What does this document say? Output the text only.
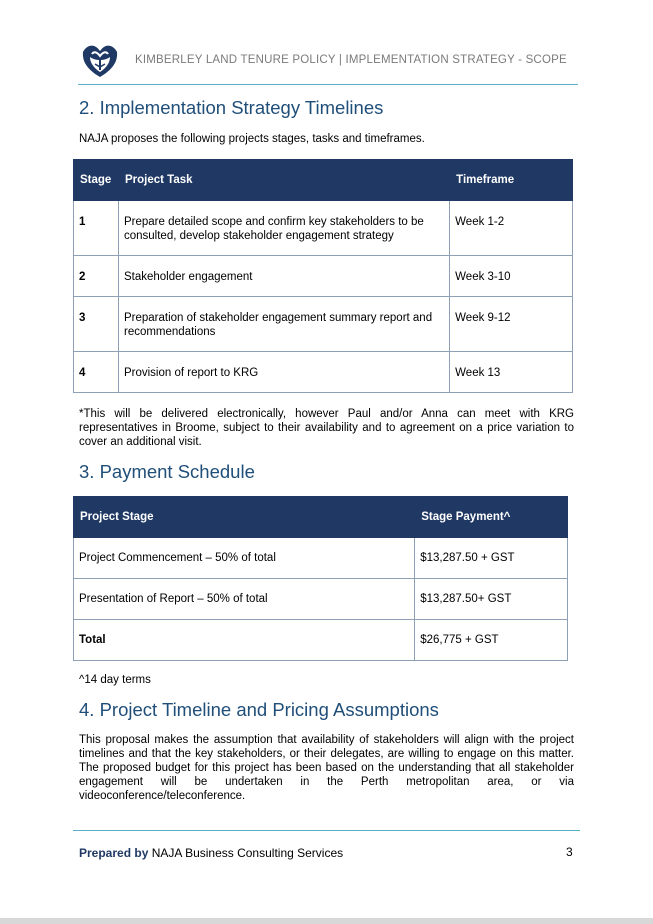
KIMBERLEY LAND TENURE POLICY | IMPLEMENTATION STRATEGY - SCOPE
2. Implementation Strategy Timelines

NAJA proposes the following projects stages, tasks and timeframes.

Stage	Project Task	Timeframe
1	Prepare detailed scope and confirm key stakeholders to be consulted, develop stakeholder engagement strategy	Week 1-2
2	Stakeholder engagement	Week 3-10
3	Preparation of stakeholder engagement summary report and recommendations	Week 9-12
4	Provision of report to KRG	Week 13

*This will be delivered electronically, however Paul and/or Anna can meet with KRG representatives in Broome, subject to their availability and to agreement on a price variation to cover an additional visit.

3. Payment Schedule
Project Stage	Stage Payment^
Project Commencement – 50% of total	$13,287.50 + GST
Presentation of Report – 50% of total	$13,287.50+ GST
Total	$26,775 + GST

^14 day terms

4. Project Timeline and Pricing Assumptions

This proposal makes the assumption that availability of stakeholders will align with the project timelines and that the key stakeholders, or their delegates, are willing to engage on this matter. The proposed budget for this project has been based on the understanding that all stakeholder engagement will be undertaken in the Perth metropolitan area, or via videoconference/teleconference.

Prepared by NAJA Business Consulting Services	3
